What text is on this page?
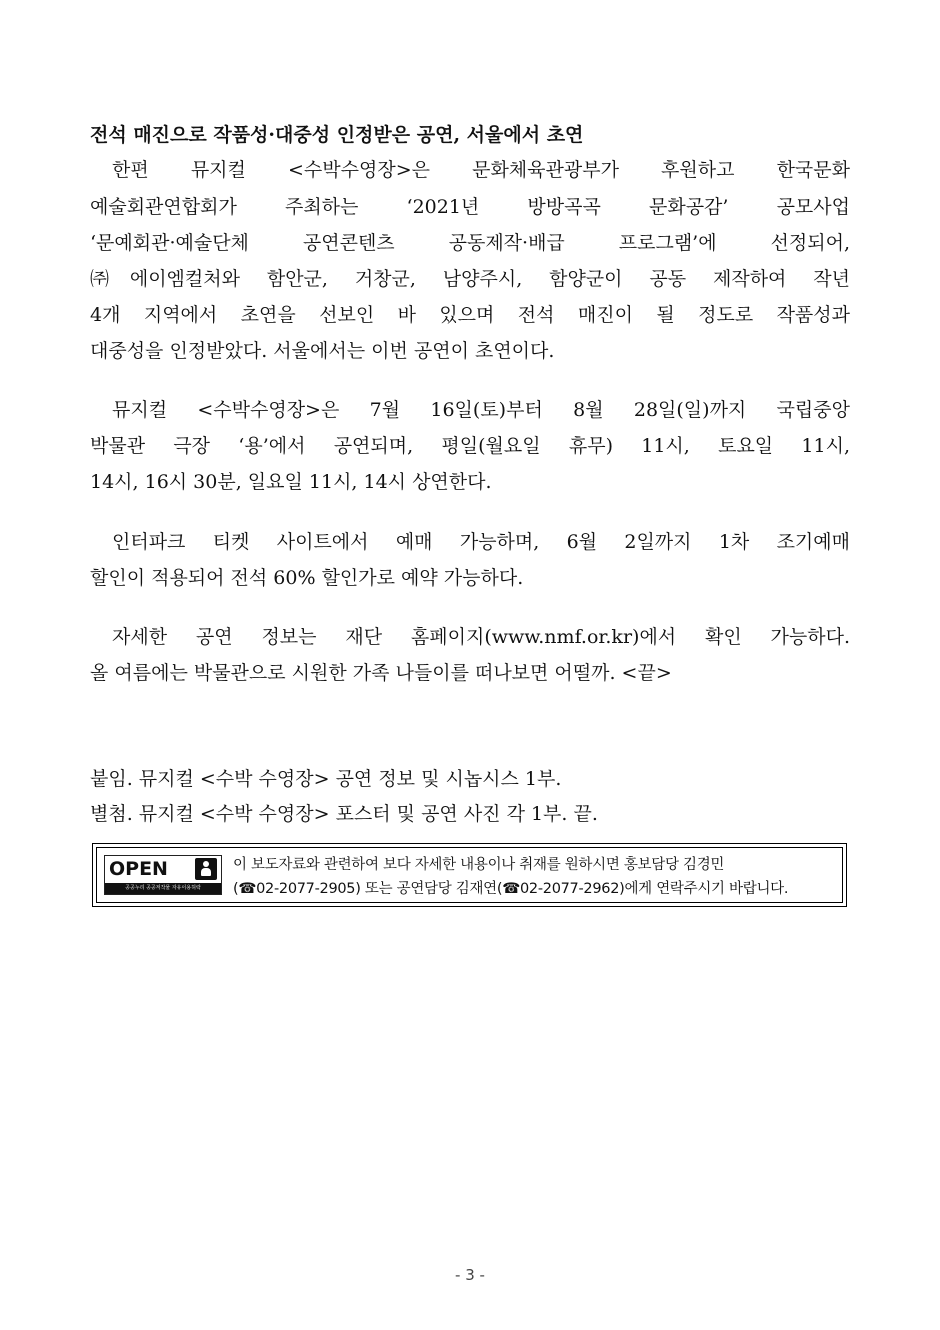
전석 매진으로 작품성·대중성 인정받은 공연, 서울에서 초연
한편 뮤지컬 <수박수영장>은 문화체육관광부가 후원하고 한국문화
예술회관연합회가 주최하는 ‘2021년 방방곡곡 문화공감’ 공모사업
‘문예회관·예술단체 공연콘텐츠 공동제작·배급 프로그램’에 선정되어,
㈜에이엠컬처와 함안군, 거창군, 남양주시, 함양군이 공동 제작하여 작년
4개 지역에서 초연을 선보인 바 있으며 전석 매진이 될 정도로 작품성과
대중성을 인정받았다. 서울에서는 이번 공연이 초연이다.
뮤지컬 <수박수영장>은 7월 16일(토)부터 8월 28일(일)까지 국립중앙
박물관 극장 ‘용’에서 공연되며, 평일(월요일 휴무) 11시, 토요일 11시,
14시, 16시 30분, 일요일 11시, 14시 상연한다.
인터파크 티켓 사이트에서 예매 가능하며, 6월 2일까지 1차 조기예매
할인이 적용되어 전석 60% 할인가로 예약 가능하다.
자세한 공연 정보는 재단 홈페이지(www.nmf.or.kr)에서 확인 가능하다.
올 여름에는 박물관으로 시원한 가족 나들이를 떠나보면 어떨까. <끝>
붙임. 뮤지컬 <수박 수영장> 공연 정보 및 시놉시스 1부.
별첨. 뮤지컬 <수박 수영장> 포스터 및 공연 사진 각 1부. 끝.
OPEN
공공누리 공공저작물 자유이용허락
이 보도자료와 관련하여 보다 자세한 내용이나 취재를 원하시면 홍보담당 김경민
(☎02-2077-2905) 또는 공연담당 김재연(☎02-2077-2962)에게 연락주시기 바랍니다.
- 3 -
